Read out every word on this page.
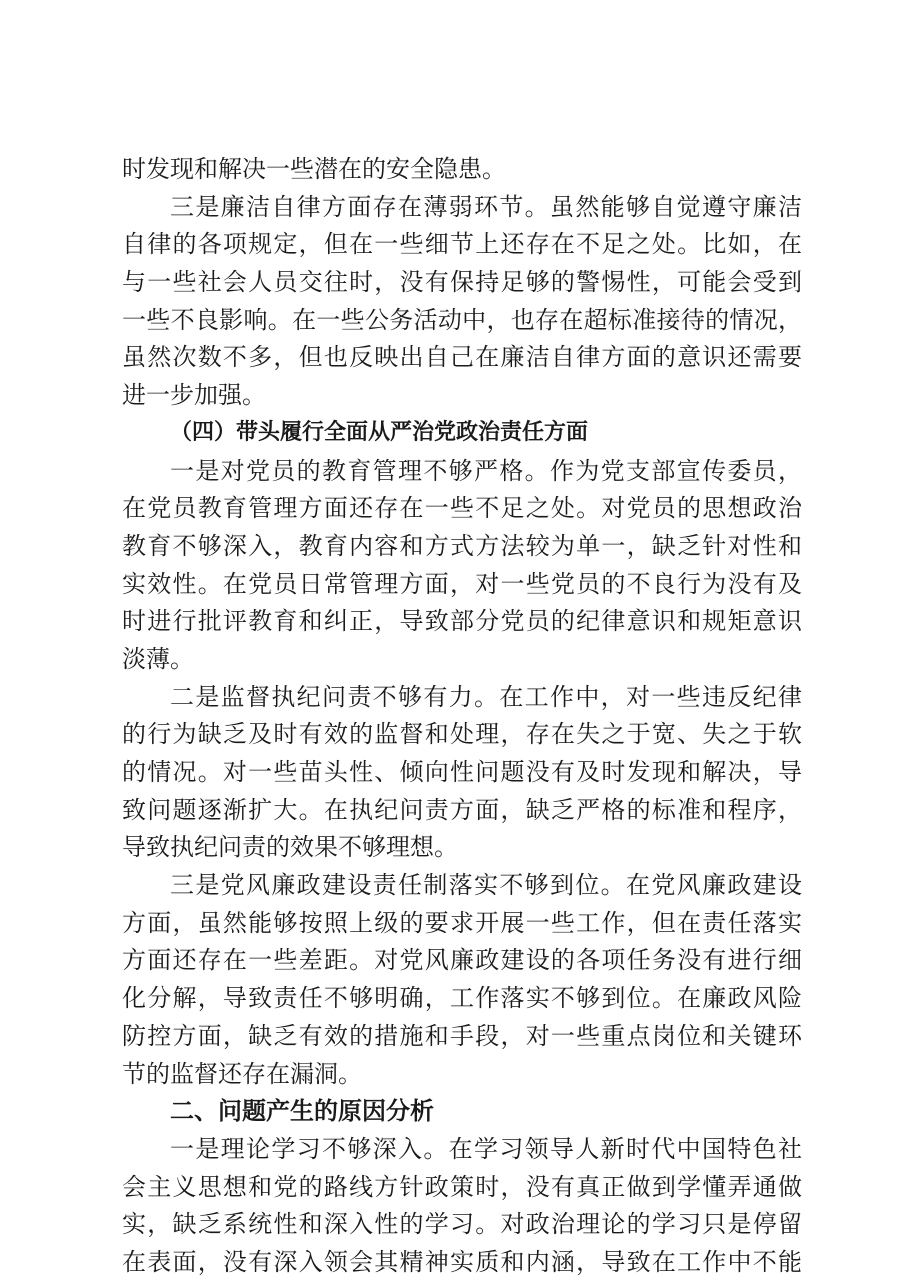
时发现和解决一些潜在的安全隐患。
三是廉洁自律方面存在薄弱环节。虽然能够自觉遵守廉洁
自律的各项规定，但在一些细节上还存在不足之处。比如，在
与一些社会人员交往时，没有保持足够的警惕性，可能会受到
一些不良影响。在一些公务活动中，也存在超标准接待的情况，
虽然次数不多，但也反映出自己在廉洁自律方面的意识还需要
进一步加强。
（四）带头履行全面从严治党政治责任方面
一是对党员的教育管理不够严格。作为党支部宣传委员，
在党员教育管理方面还存在一些不足之处。对党员的思想政治
教育不够深入，教育内容和方式方法较为单一，缺乏针对性和
实效性。在党员日常管理方面，对一些党员的不良行为没有及
时进行批评教育和纠正，导致部分党员的纪律意识和规矩意识
淡薄。
二是监督执纪问责不够有力。在工作中，对一些违反纪律
的行为缺乏及时有效的监督和处理，存在失之于宽、失之于软
的情况。对一些苗头性、倾向性问题没有及时发现和解决，导
致问题逐渐扩大。在执纪问责方面，缺乏严格的标准和程序，
导致执纪问责的效果不够理想。
三是党风廉政建设责任制落实不够到位。在党风廉政建设
方面，虽然能够按照上级的要求开展一些工作，但在责任落实
方面还存在一些差距。对党风廉政建设的各项任务没有进行细
化分解，导致责任不够明确，工作落实不够到位。在廉政风险
防控方面，缺乏有效的措施和手段，对一些重点岗位和关键环
节的监督还存在漏洞。
二、问题产生的原因分析
一是理论学习不够深入。在学习领导人新时代中国特色社
会主义思想和党的路线方针政策时，没有真正做到学懂弄通做
实，缺乏系统性和深入性的学习。对政治理论的学习只是停留
在表面，没有深入领会其精神实质和内涵，导致在工作中不能
